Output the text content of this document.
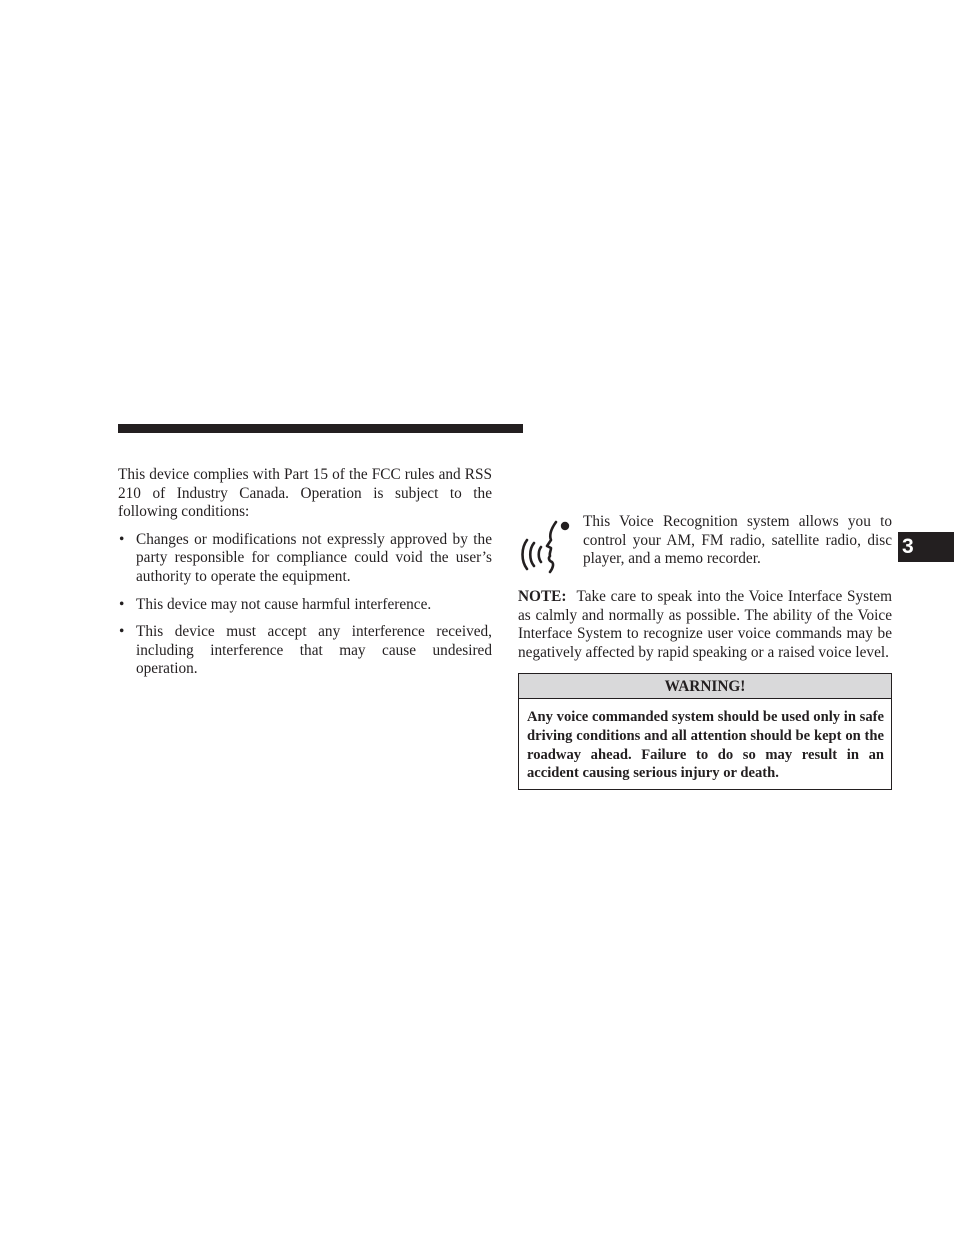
This device complies with Part 15 of the FCC rules and RSS 210 of Industry Canada. Operation is subject to the following conditions:

• Changes or modifications not expressly approved by the party responsible for compliance could void the user’s authority to operate the equipment.
• This device may not cause harmful interference.
• This device must accept any interference received, including interference that may cause undesired operation.

This Voice Recognition system allows you to control your AM, FM radio, satellite radio, disc player, and a memo recorder.

NOTE: Take care to speak into the Voice Interface System as calmly and normally as possible. The ability of the Voice Interface System to recognize user voice commands may be negatively affected by rapid speaking or a raised voice level.

WARNING!
Any voice commanded system should be used only in safe driving conditions and all attention should be kept on the roadway ahead. Failure to do so may result in an accident causing serious injury or death.
3
